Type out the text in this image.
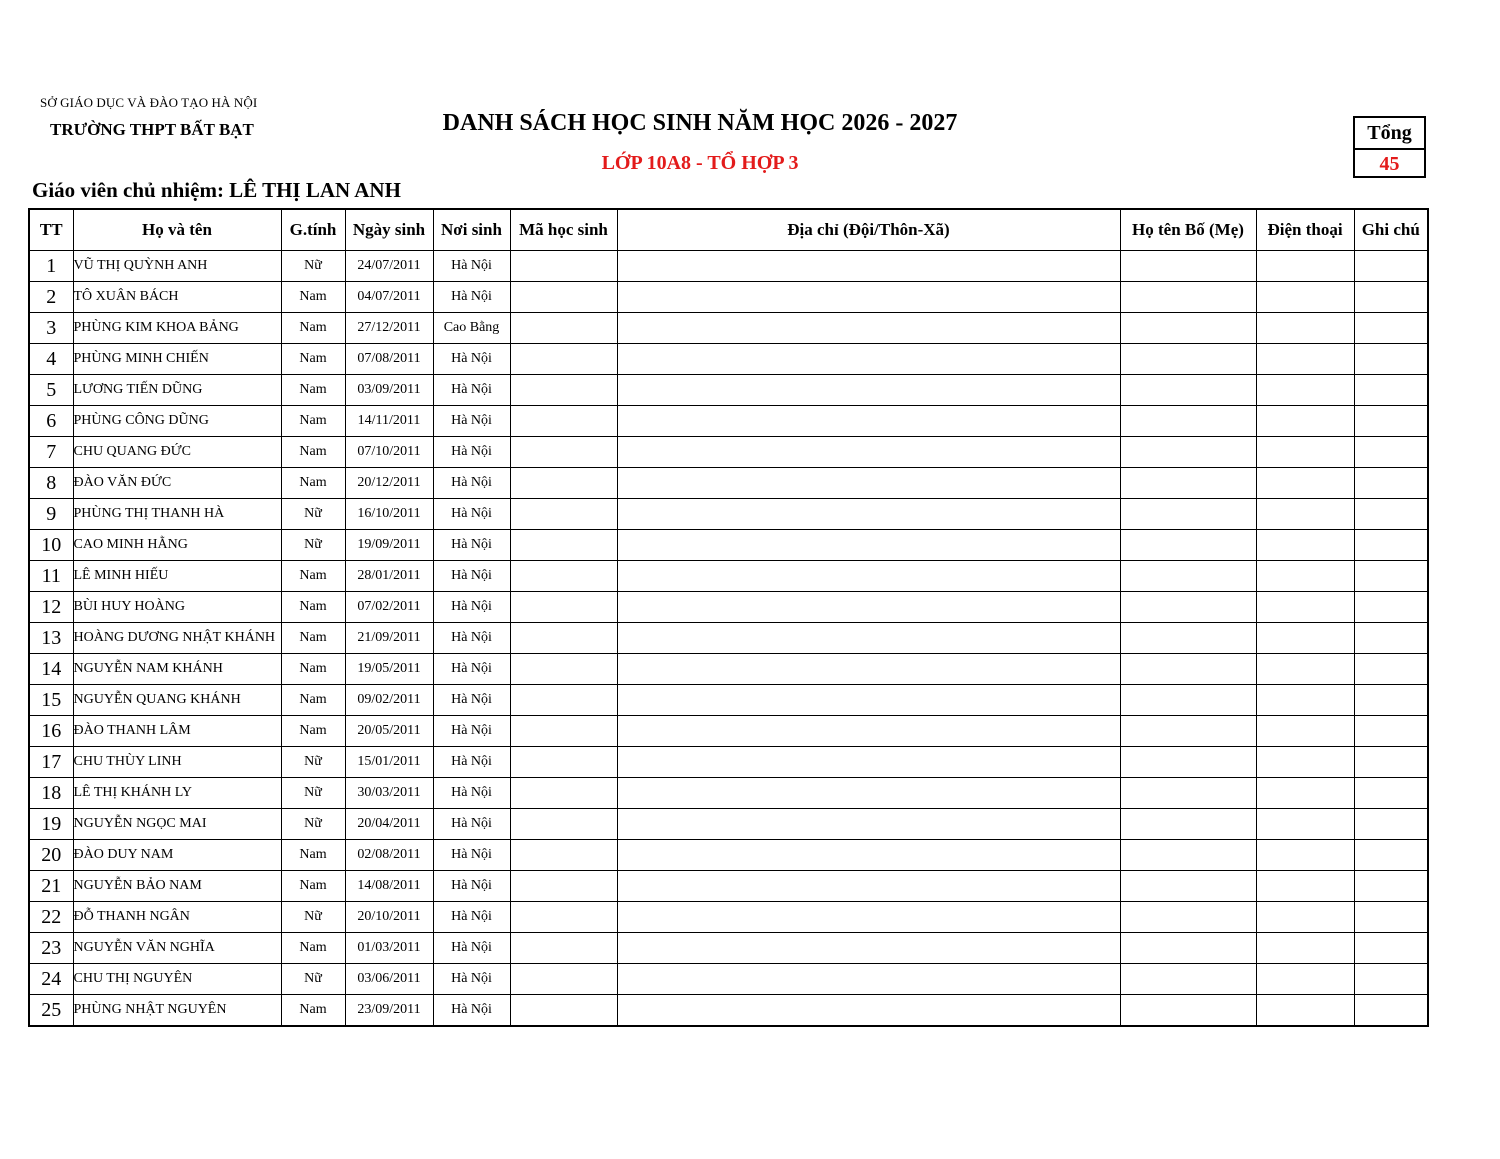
SỞ GIÁO DỤC VÀ ĐÀO TẠO HÀ NỘI
TRƯỜNG THPT BẤT BẠT	DANH SÁCH HỌC SINH NĂM HỌC 2026 - 2027
LỚP 10A8 - TỔ HỢP 3
Tổng
45
Giáo viên chủ nhiệm: LÊ THỊ LAN ANH
TT	Họ và tên	G.tính	Ngày sinh	Nơi sinh	Mã học sinh	Địa chỉ (Đội/Thôn-Xã)	Họ tên Bố (Mẹ)	Điện thoại	Ghi chú
1	VŨ THỊ QUỲNH ANH	Nữ	24/07/2011	Hà Nội					
2	TÔ XUÂN BÁCH	Nam	04/07/2011	Hà Nội					
3	PHÙNG KIM KHOA BẢNG	Nam	27/12/2011	Cao Bằng					
4	PHÙNG MINH CHIẾN	Nam	07/08/2011	Hà Nội					
5	LƯƠNG TIẾN DŨNG	Nam	03/09/2011	Hà Nội					
6	PHÙNG CÔNG DŨNG	Nam	14/11/2011	Hà Nội					
7	CHU QUANG ĐỨC	Nam	07/10/2011	Hà Nội					
8	ĐÀO VĂN ĐỨC	Nam	20/12/2011	Hà Nội					
9	PHÙNG THỊ THANH HÀ	Nữ	16/10/2011	Hà Nội					
10	CAO MINH HẰNG	Nữ	19/09/2011	Hà Nội					
11	LÊ MINH HIẾU	Nam	28/01/2011	Hà Nội					
12	BÙI HUY HOÀNG	Nam	07/02/2011	Hà Nội					
13	HOÀNG DƯƠNG NHẬT KHÁNH	Nam	21/09/2011	Hà Nội					
14	NGUYỄN NAM KHÁNH	Nam	19/05/2011	Hà Nội					
15	NGUYỄN QUANG KHÁNH	Nam	09/02/2011	Hà Nội					
16	ĐÀO THANH LÂM	Nam	20/05/2011	Hà Nội					
17	CHU THÙY LINH	Nữ	15/01/2011	Hà Nội					
18	LÊ THỊ KHÁNH LY	Nữ	30/03/2011	Hà Nội					
19	NGUYỄN NGỌC MAI	Nữ	20/04/2011	Hà Nội					
20	ĐÀO DUY NAM	Nam	02/08/2011	Hà Nội					
21	NGUYỄN BẢO NAM	Nam	14/08/2011	Hà Nội					
22	ĐỖ THANH NGÂN	Nữ	20/10/2011	Hà Nội					
23	NGUYỄN VĂN NGHĨA	Nam	01/03/2011	Hà Nội					
24	CHU THỊ NGUYÊN	Nữ	03/06/2011	Hà Nội					
25	PHÙNG NHẬT NGUYÊN	Nam	23/09/2011	Hà Nội					
